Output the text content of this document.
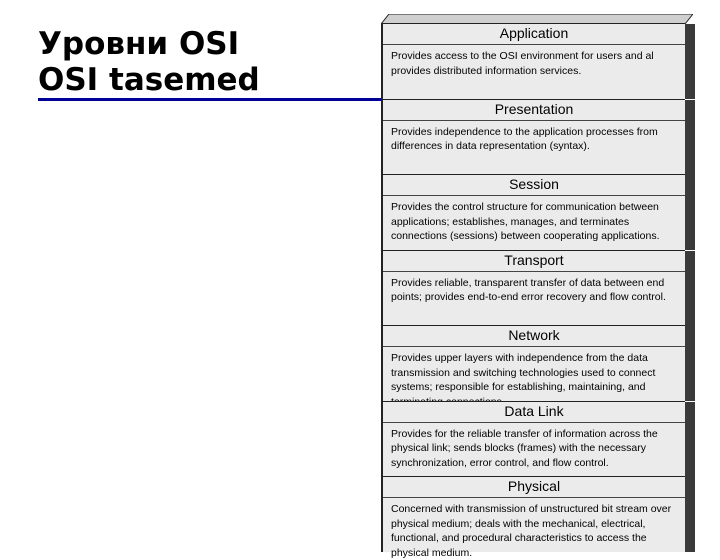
Уровни OSI
OSI tasemed
Application
Provides access to the OSI environment for users and al
provides distributed information services.
Presentation
Provides independence to the application processes from
differences in data representation (syntax).
Session
Provides the control structure for communication between
applications; establishes, manages, and terminates
connections (sessions) between cooperating applications.
Transport
Provides reliable, transparent transfer of data between end
points; provides end-to-end error recovery and flow control.
Network
Provides upper layers with independence from the data
transmission and switching technologies used to connect
systems; responsible for establishing, maintaining, and
Data Link
Provides for the reliable transfer of information across the
physical link; sends blocks (frames) with the necessary
synchronization, error control, and flow control.
Physical
Concerned with transmission of unstructured bit stream over
physical medium; deals with the mechanical, electrical,
functional, and procedural characteristics to access the
physical medium.
